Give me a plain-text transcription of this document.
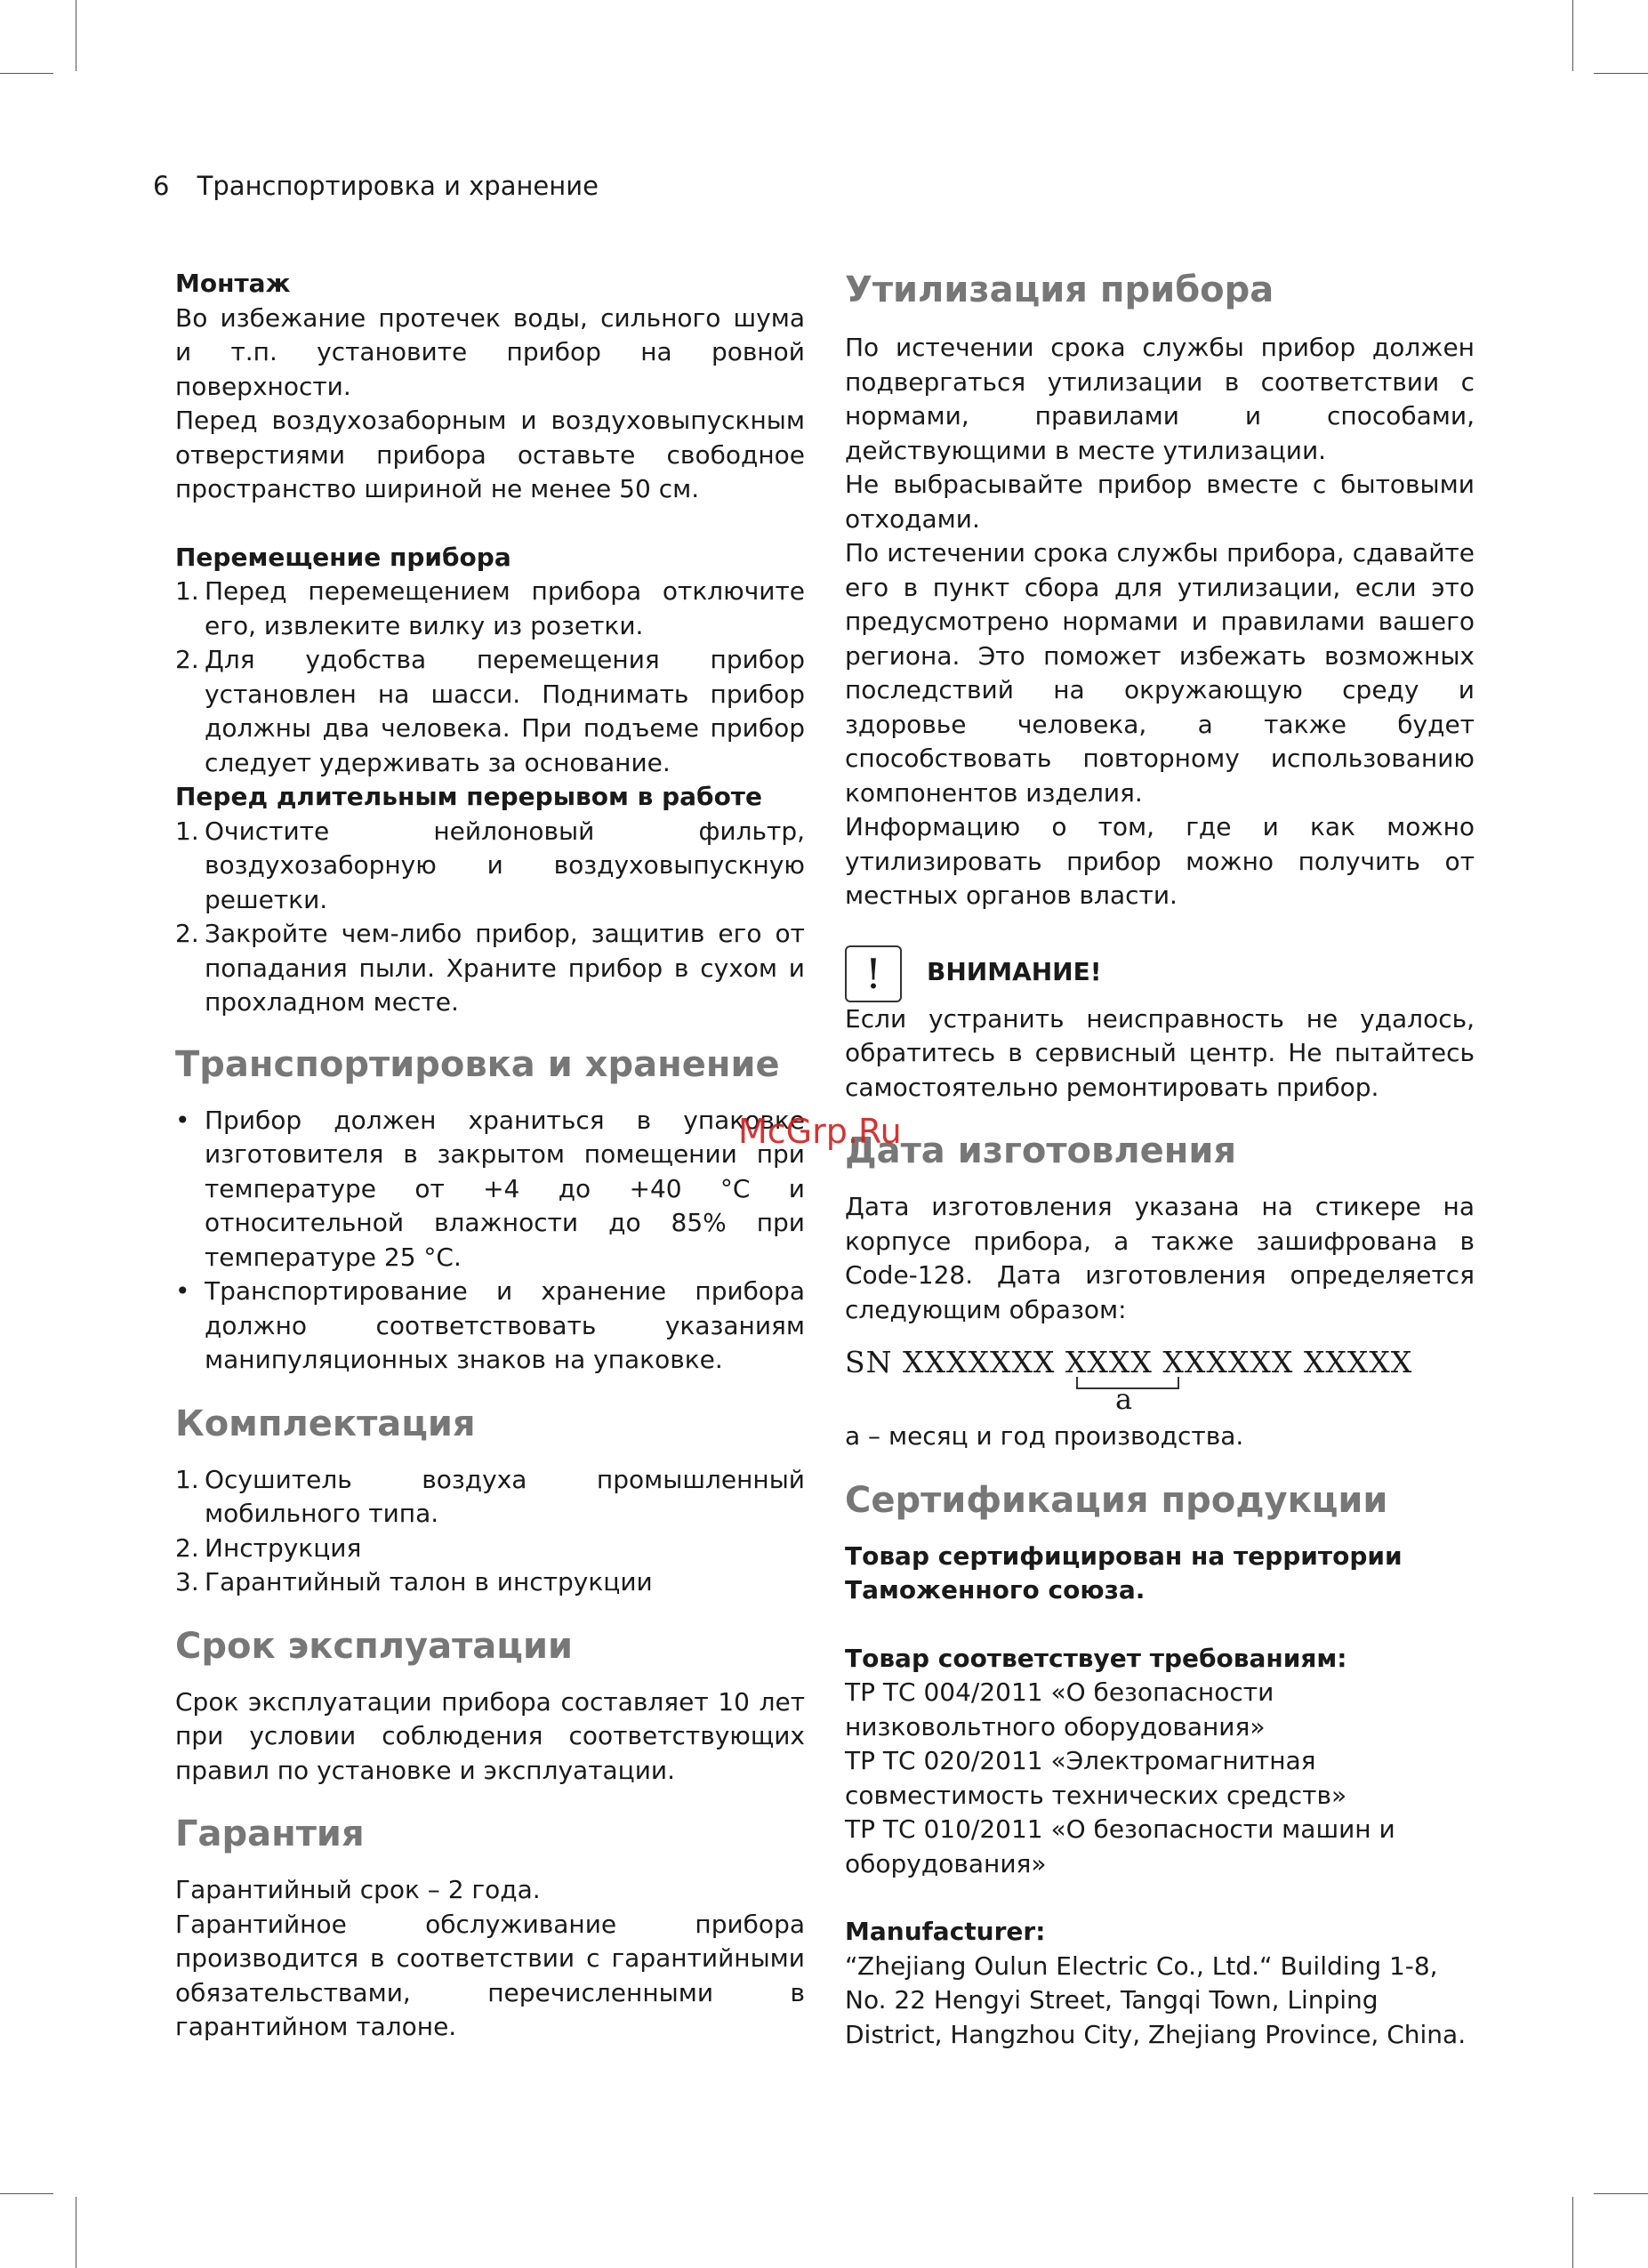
6 Транспортировка и хранение

Монтаж

Во избежание протечек воды, сильного шума и т.п. установите прибор на ровной поверхности.

Перед воздухозаборным и воздуховыпускным отверстиями прибора оставьте свободное пространство шириной не менее 50 см.

Перемещение прибора

1. Перед перемещением прибора отключите его, извлеките вилку из розетки.
2. Для удобства перемещения прибор установлен на шасси. Поднимать прибор должны два человека. При подъеме прибор следует удерживать за основание.

Перед длительным перерывом в работе

1. Очистите нейлоновый фильтр, воздухозаборную и воздуховыпускную решетки.
2. Закройте чем-либо прибор, защитив его от попадания пыли. Храните прибор в сухом и прохладном месте.
Транспортировка и хранение
• Прибор должен храниться в упаковке изготовителя в закрытом помещении при температуре от +4 до +40 °С и относительной влажности до 85% при температуре 25 °С.
• Транспортирование и хранение прибора должно соответствовать указаниям манипуляционных знаков на упаковке.
Комплектация
1. Осушитель воздуха промышленный мобильного типа.
2. Инструкция
3. Гарантийный талон в инструкции
Срок эксплуатации

Срок эксплуатации прибора составляет 10 лет при условии соблюдения соответствующих правил по установке и эксплуатации.

Гарантия

Гарантийный срок – 2 года.

Гарантийное обслуживание прибора производится в соответствии с гарантийными обязательствами, перечисленными в гарантийном талоне.

Утилизация прибора

По истечении срока службы прибор должен подвергаться утилизации в соответствии с нормами, правилами и способами, действующими в месте утилизации.

Не выбрасывайте прибор вместе с бытовыми отходами.

По истечении срока службы прибора, сдавайте его в пункт сбора для утилизации, если это предусмотрено нормами и правилами вашего региона. Это поможет избежать возможных последствий на окружающую среду и здоровье человека, а также будет способствовать повторному использованию компонентов изделия.

Информацию о том, где и как можно утилизировать прибор можно получить от местных органов власти.

! ВНИМАНИЕ!

Если устранить неисправность не удалось, обратитесь в сервисный центр. Не пытайтесь самостоятельно ремонтировать прибор.

Дата изготовления

Дата изготовления указана на стикере на корпусе прибора, а также зашифрована в Code-128. Дата изготовления определяется следующим образом:

SN XXXXXXX XXXX XXXXXX XXXXX
a

а – месяц и год производства.

Сертификация продукции

Товар сертифицирован на территории Таможенного союза.

Товар соответствует требованиям:

ТР ТС 004/2011 «О безопасности низковольтного оборудования»

ТР ТС 020/2011 «Электромагнитная совместимость технических средств»

ТР ТС 010/2011 «О безопасности машин и оборудования»

Manufacturer:

“Zhejiang Oulun Electric Co., Ltd.“ Building 1-8, No. 22 Hengyi Street, Tangqi Town, Linping District, Hangzhou City, Zhejiang Province, China.

McGrp.Ru
